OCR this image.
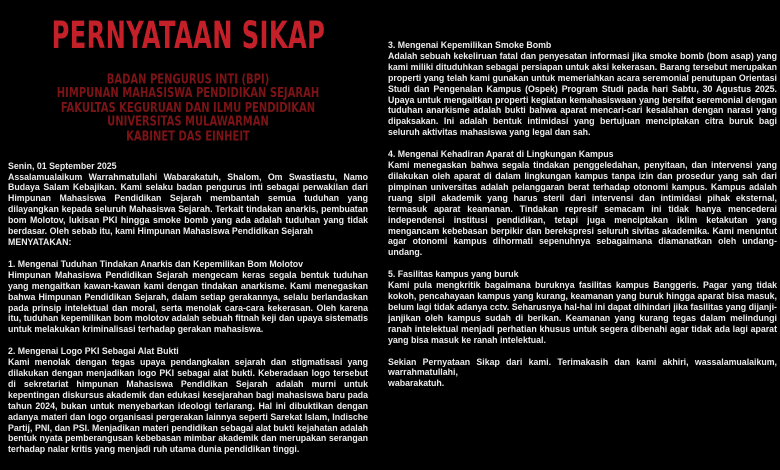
PERNYATAAN SIKAP
BADAN PENGURUS INTI (BPI)
HIMPUNAN MAHASISWA PENDIDIKAN SEJARAH
FAKULTAS KEGURUAN DAN ILMU PENDIDIKAN
UNIVERSITAS MULAWARMAN
KABINET DAS EINHEIT
Senin, 01 September 2025

Assalamualaikum Warrahmatullahi Wabarakatuh, Shalom, Om Swastiastu, Namo Budaya Salam Kebajikan. Kami selaku badan pengurus inti sebagai perwakilan dari Himpunan Mahasiswa Pendidikan Sejarah membantah semua tuduhan yang dilayangkan kepada seluruh Mahasiswa Sejarah. Terkait tindakan anarkis, pembuatan bom Molotov, lukisan PKI hingga smoke bomb yang ada adalah tuduhan yang tidak berdasar. Oleh sebab itu, kami Himpunan Mahasiswa Pendidikan Sejarah

MENYATAKAN:
1. Mengenai Tuduhan Tindakan Anarkis dan Kepemilikan Bom Molotov

Himpunan Mahasiswa Pendidikan Sejarah mengecam keras segala bentuk tuduhan yang mengaitkan kawan-kawan kami dengan tindakan anarkisme. Kami menegaskan bahwa Himpunan Pendidikan Sejarah, dalam setiap gerakannya, selalu berlandaskan pada prinsip intelektual dan moral, serta menolak cara-cara kekerasan. Oleh karena itu, tuduhan kepemilikan bom molotov adalah sebuah fitnah keji dan upaya sistematis untuk melakukan kriminalisasi terhadap gerakan mahasiswa.

2. Mengenai Logo PKI Sebagai Alat Bukti

Kami menolak dengan tegas upaya pendangkalan sejarah dan stigmatisasi yang dilakukan dengan menjadikan logo PKI sebagai alat bukti. Keberadaan logo tersebut di sekretariat himpunan Mahasiswa Pendidikan Sejarah adalah murni untuk kepentingan diskursus akademik dan edukasi kesejarahan bagi mahasiswa baru pada tahun 2024, bukan untuk menyebarkan ideologi terlarang. Hal ini dibuktikan dengan adanya materi dan logo organisasi pergerakan lainnya seperti Sarekat Islam, Indische Partij, PNI, dan PSI. Menjadikan materi pendidikan sebagai alat bukti kejahatan adalah bentuk nyata pemberangusan kebebasan mimbar akademik dan merupakan serangan terhadap nalar kritis yang menjadi ruh utama dunia pendidikan tinggi.

3. Mengenai Kepemilikan Smoke Bomb

Adalah sebuah kekeliruan fatal dan penyesatan informasi jika smoke bomb (bom asap) yang kami miliki dituduhkan sebagai persiapan untuk aksi kekerasan. Barang tersebut merupakan properti yang telah kami gunakan untuk memeriahkan acara seremonial penutupan Orientasi Studi dan Pengenalan Kampus (Ospek) Program Studi pada hari Sabtu, 30 Agustus 2025. Upaya untuk mengaitkan properti kegiatan kemahasiswaan yang bersifat seremonial dengan tuduhan anarkisme adalah bukti bahwa aparat mencari-cari kesalahan dengan narasi yang dipaksakan. Ini adalah bentuk intimidasi yang bertujuan menciptakan citra buruk bagi seluruh aktivitas mahasiswa yang legal dan sah.

4. Mengenai Kehadiran Aparat di Lingkungan Kampus

Kami menegaskan bahwa segala tindakan penggeledahan, penyitaan, dan intervensi yang dilakukan oleh aparat di dalam lingkungan kampus tanpa izin dan prosedur yang sah dari pimpinan universitas adalah pelanggaran berat terhadap otonomi kampus. Kampus adalah ruang sipil akademik yang harus steril dari intervensi dan intimidasi pihak eksternal, termasuk aparat keamanan. Tindakan represif semacam ini tidak hanya mencederai independensi institusi pendidikan, tetapi juga menciptakan iklim ketakutan yang mengancam kebebasan berpikir dan berekspresi seluruh sivitas akademika. Kami menuntut agar otonomi kampus dihormati sepenuhnya sebagaimana diamanatkan oleh undang-undang.

5. Fasilitas kampus yang buruk

Kami pula mengkritik bagaimana buruknya fasilitas kampus Banggeris. Pagar yang tidak kokoh, pencahayaan kampus yang kurang, keamanan yang buruk hingga aparat bisa masuk, belum lagi tidak adanya cctv. Seharusnya hal-hal ini dapat dihindari jika fasilitas yang dijanji-janjikan oleh kampus sudah di berikan. Keamanan yang kurang tegas dalam melindungi ranah intelektual menjadi perhatian khusus untuk segera dibenahi agar tidak ada lagi aparat yang bisa masuk ke ranah intelektual.

Sekian Pernyataan Sikap dari kami. Terimakasih dan kami akhiri, wassalamualaikum, warrahmatullahi,

wabarakatuh.
